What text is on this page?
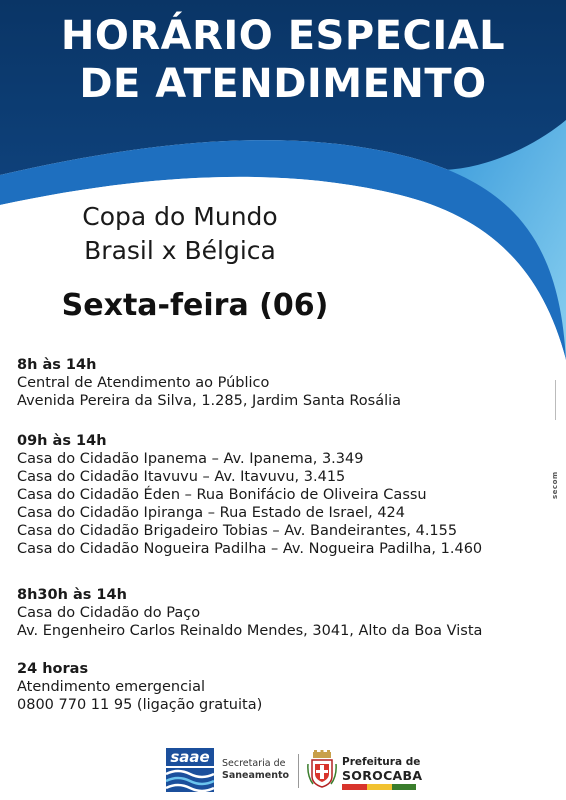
HORÁRIO ESPECIAL
DE ATENDIMENTO
Copa do Mundo
Brasil x Bélgica
Sexta-feira (06)
8h às 14h
Central de Atendimento ao Público
Avenida Pereira da Silva, 1.285, Jardim Santa Rosália
09h às 14h
Casa do Cidadão Ipanema – Av. Ipanema, 3.349
Casa do Cidadão Itavuvu – Av. Itavuvu, 3.415
Casa do Cidadão Éden – Rua Bonifácio de Oliveira Cassu
Casa do Cidadão Ipiranga – Rua Estado de Israel, 424
Casa do Cidadão Brigadeiro Tobias – Av. Bandeirantes, 4.155
Casa do Cidadão Nogueira Padilha – Av. Nogueira Padilha, 1.460
8h30h às 14h
Casa do Cidadão do Paço
Av. Engenheiro Carlos Reinaldo Mendes, 3041, Alto da Boa Vista
24 horas
Atendimento emergencial
0800 770 11 95 (ligação gratuita)
secom
saae	Secretaria de
Saneamento
Prefeitura de
SOROCABA
